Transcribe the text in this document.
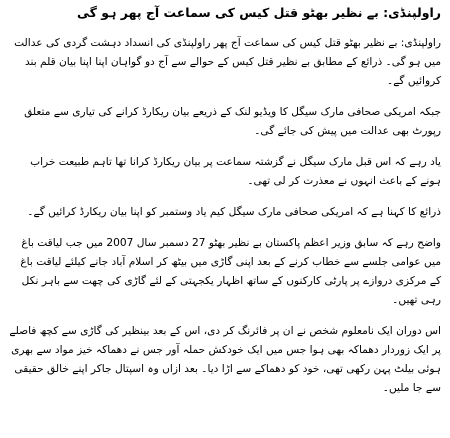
راولپنڈی: بے نظیر بھٹو قتل کیس کی سماعت آج پھر ہو گی

راولپنڈی: بے نظیر بھٹو قتل کیس کی سماعت آج پھر راولپنڈی کی انسداد دہشت گردی کی عدالت میں ہو گی۔ ذرائع کے مطابق بے نظیر قتل کیس کے حوالے سے آج دو گواہان اپنا اپنا بیان قلم بند کروائیں گے۔

جبکہ امریکی صحافی مارک سیگل کا ویڈیو لنک کے ذریعے بیان ریکارڈ کرانے کی تیاری سے متعلق رپورٹ بھی عدالت میں پیش کی جائے گی۔

یاد رہے کہ اس قبل مارک سیگل نے گزشتہ سماعت پر بیان ریکارڈ کرانا تھا تاہم طبیعت خراب ہونے کے باعث انہوں نے معذرت کر لی تھی۔

ذرائع کا کہنا ہے کہ امریکی صحافی مارک سیگل کیم یاد وستمبر کو اپنا بیان ریکارڈ کرائیں گے۔

واضح رہے کہ سابق وزیر اعظم پاکستان بے نظیر بھٹو 27 دسمبر سال 2007 میں جب لیاقت باغ میں عوامی جلسے سے خطاب کرنے کے بعد اپنی گاڑی میں بیٹھ کر اسلام آباد جانے کیلئے لیاقت باغ کے مرکزی دروازے پر پارٹی کارکنوں کے ساتھ اظہار یکجہتی کے لئے گاڑی کی چھت سے باہر نکل رہی تھیں۔

اس دوران ایک نامعلوم شخص نے ان پر فائرنگ کر دی، اس کے بعد بینظیر کی گاڑی سے کچھ فاصلے پر ایک زوردار دھماکہ بھی ہوا جس میں ایک خودکش حملہ آور جس نے دھماکہ خیز مواد سے بھری ہوئی بیلٹ پہن رکھی تھی، خود کو دھماکے سے اڑا دیا۔ بعد ازاں وہ اسپتال جاکر اپنے خالق حقیقی سے جا ملیں۔
